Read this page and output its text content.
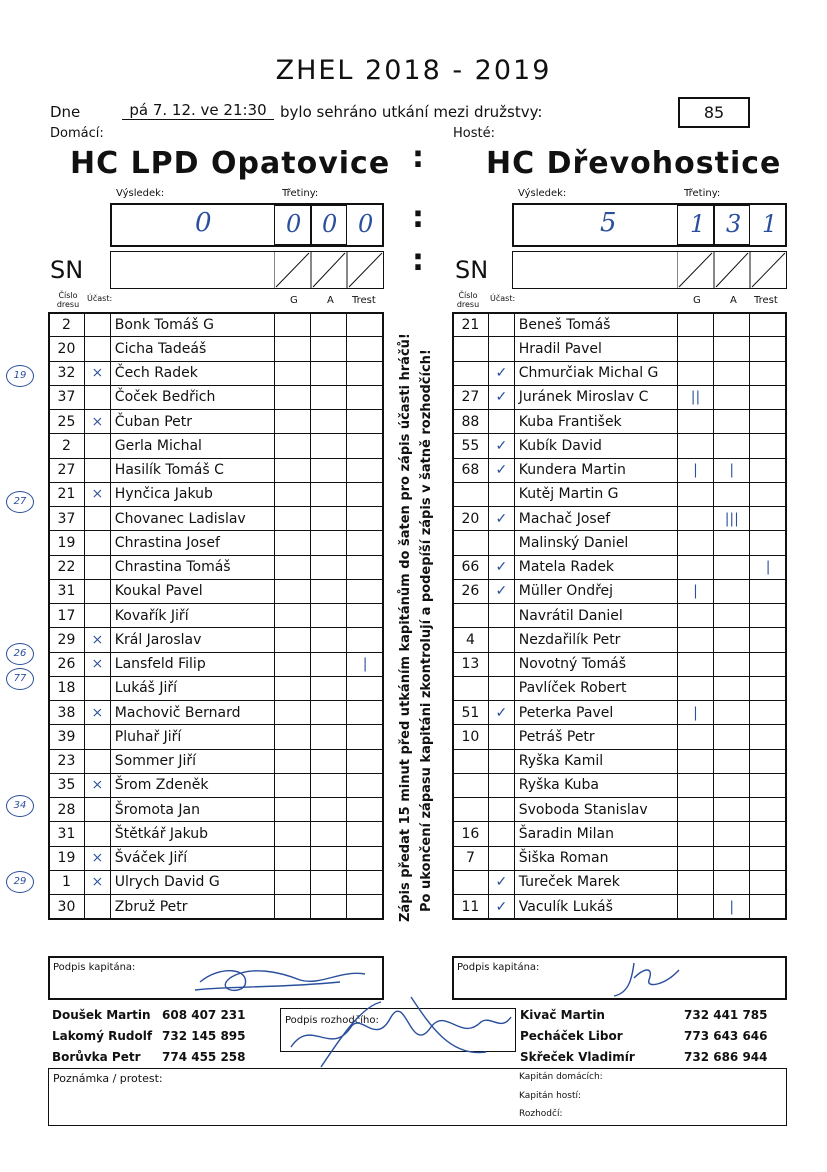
ZHEL 2018 - 2019
Dne	pá 7. 12. ve 21:30 bylo sehráno utkání mezi družstvy:	85
Domácí:	Hosté:
HC LPD Opatovice	HC Dřevohostice
:
:
:
Výsledek:	Třetiny:
0	0 0 0
Výsledek:	Třetiny:
5	1 3 1
SN	SN
Číslo dresu
Účast:	G	A Trest	Číslo dresu
Účast:	G	A Trest
2		Bonk Tomáš G			
20		Cicha Tadeáš			
32	×	Čech Radek			
37		Čoček Bedřich			
25	×	Čuban Petr			
2		Gerla Michal			
27		Hasilík Tomáš C			
21	×	Hynčica Jakub			
37		Chovanec Ladislav			
19		Chrastina Josef			
22		Chrastina Tomáš			
31		Koukal Pavel			
17		Kovařík Jiří			
29	×	Král Jaroslav			
26	×	Lansfeld Filip			|
18		Lukáš Jiří			
38	×	Machovič Bernard			
39		Pluhař Jiří			
23		Sommer Jiří			
35	×	Šrom Zdeněk			
28		Šromota Jan			
31		Štětkář Jakub			
19	×	Šváček Jiří			
1	×	Ulrych David G			
30		Zbruž Petr			
21		Beneš Tomáš			
		Hradil Pavel			
	✓	Chmurčiak Michal G			
27	✓	Juránek Miroslav C	||		
88		Kuba František			
55	✓	Kubík David			
68	✓	Kundera Martin	|	|	
		Kutěj Martin G			
20	✓	Machač Josef		|||	
		Malinský Daniel			
66	✓	Matela Radek			|
26	✓	Müller Ondřej	|		
		Navrátil Daniel			
4		Nezdařilík Petr			
13		Novotný Tomáš			
		Pavlíček Robert			
51	✓	Peterka Pavel	|		
10		Petráš Petr			
		Ryška Kamil			
		Ryška Kuba			
		Svoboda Stanislav			
16		Šaradin Milan			
7		Šiška Roman			
	✓	Tureček Marek			
11	✓	Vaculík Lukáš		|	
19
27
26
77
34
29	Zápis předat 15 minut před utkáním kapitánům do šaten pro zápis účasti hráčů! Po ukončení zápasu kapitáni zkontrolují a podepíší zápis v šatně rozhodčích!
Podpis kapitána:	Podpis kapitána:
Doušek Martin 608 407 231
Lakomý Rudolf 732 145 895
Borůvka Petr 774 455 258
Kivač Martin	732 441 785
Pecháček Libor	773 643 646
Skřeček Vladimír	732 686 944
Podpis rozhodčího:
Poznámka / protest:	Kapitán domácích:
Kapitán hostí:
Rozhodčí:
